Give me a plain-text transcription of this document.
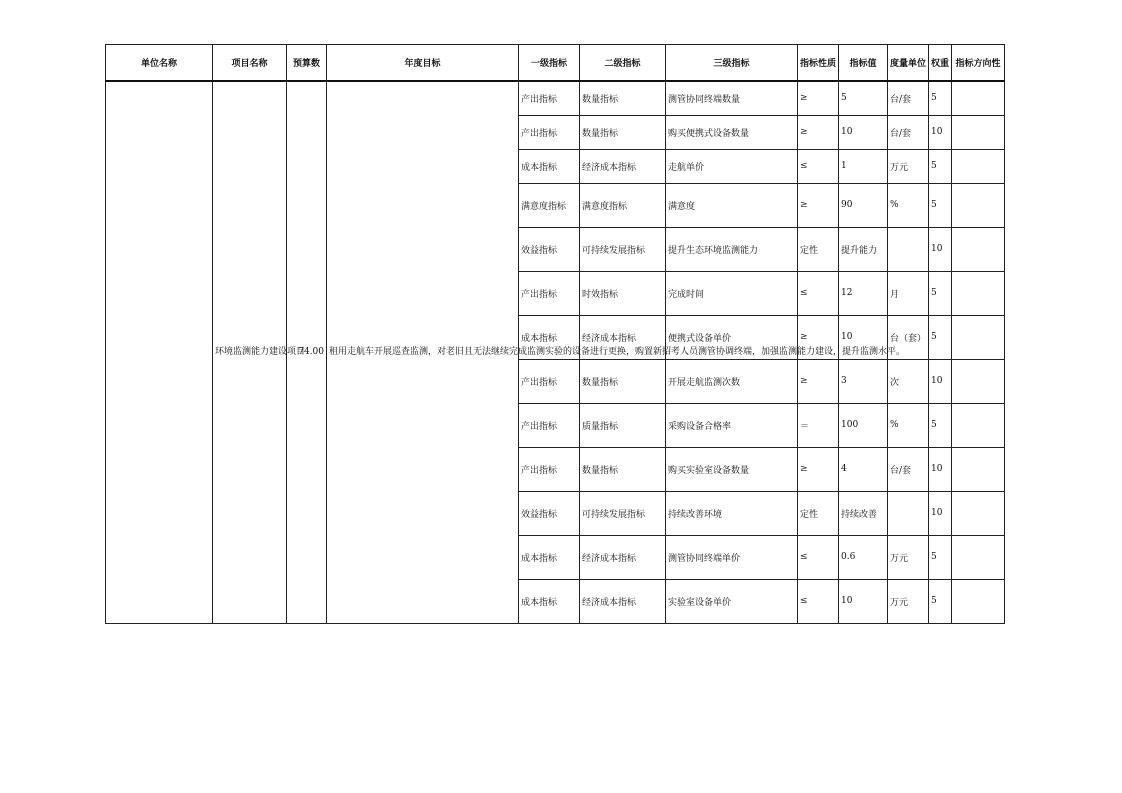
单位名称	项目名称	预算数	年度目标	一级指标	二级指标	三级指标	指标性质	指标值	度量单位	权重	指标方向性
	环境监测能力建设项目	74.00	租用走航车开展巡查监测，对老旧且无法继续完成监测实验的设备进行更换，购置新招考人员测管协调终端，加强监测能力建设，提升监测水平。	产出指标	数量指标	测管协同终端数量	≥	5	台/套	5	
				产出指标	数量指标	购买便携式设备数量	≥	10	台/套	10	
				成本指标	经济成本指标	走航单价	≤	1	万元	5	
				满意度指标	满意度指标	满意度	≥	90	%	5	
				效益指标	可持续发展指标	提升生态环境监测能力	定性	提升能力		10	
				产出指标	时效指标	完成时间	≤	12	月	5	
				成本指标	经济成本指标	便携式设备单价	≥	10	台（套）	5	
				产出指标	数量指标	开展走航监测次数	≥	3	次	10	
				产出指标	质量指标	采购设备合格率	＝	100	%	5	
				产出指标	数量指标	购买实验室设备数量	≥	4	台/套	10	
				效益指标	可持续发展指标	持续改善环境	定性	持续改善		10	
				成本指标	经济成本指标	测管协同终端单价	≤	0.6	万元	5	
				成本指标	经济成本指标	实验室设备单价	≤	10	万元	5	
